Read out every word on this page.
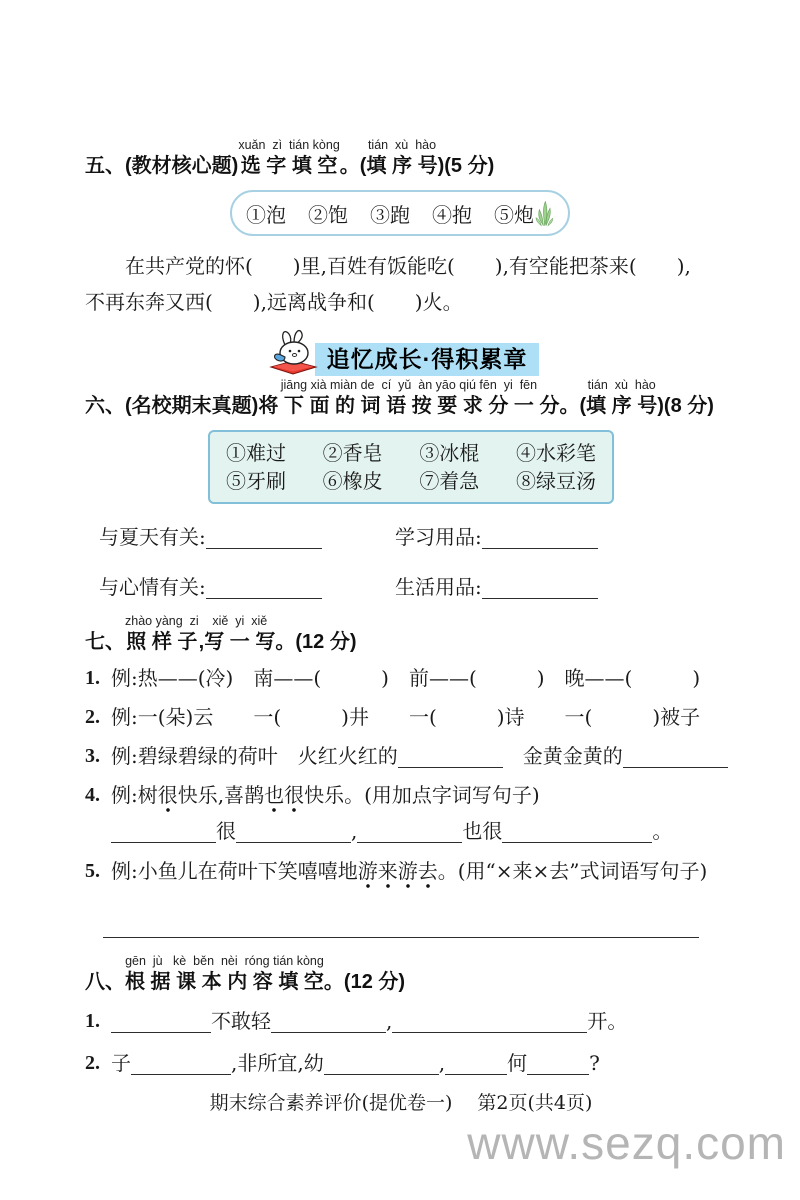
五、(教材核心题)
xuǎn  zì  tián kòng
选 字 填 空 。(
tián  xù  hào
填 序 号 )(5 分)
①泡 ②饱 ③跑 ④抱 ⑤炮
　　在共产党的怀(　　)里,百姓有饭能吃(　　),有空能把茶来(　　),
不再东奔又西(　　),远离战争和(　　)火。
追忆成长·得积累章
六、(名校期末真题)
jiāng xià miàn de  cí  yǔ  àn yāo qiú fēn  yi  fēn
将 下 面 的 词 语 按 要 求 分 一 分 。(
tián  xù  hào
填 序 号 )(8 分)
①难过 ②香皂 ③冰棍 ④水彩笔
⑤牙刷 ⑥橡皮 ⑦着急 ⑧绿豆汤
与夏天有关:	学习用品:
与心情有关:	生活用品:
七、
zhào yàng  zi
照 样 子 ,
xiě  yi  xiě
写 一 写 。(12 分)
1. 例:热——(冷)　南——(　　　)　前——(　　　)　晚——(　　　)
2. 例:一(朵)云　　一(　　　)井　　一(　　　)诗　　一(　　　)被子
3. 例:碧绿碧绿的荷叶　火红火红的	　金黄金黄的
4. 例:树很快乐,喜鹊也很快乐。(用加点字词写句子)
很	,	也很	。
5. 例:小鱼儿在荷叶下笑嘻嘻地游来游去。(用“×来×去”式词语写句子)
八、
gēn  jù   kè  běn  nèi  róng tián kòng
根 据 课 本 内 容 填 空 。(12 分)
1.	不敢轻	,	开。
2. 子	,非所宜,幼	,	何	?
期末综合素养评价(提优卷一)　 第2页(共4页)
www.sezq.com
